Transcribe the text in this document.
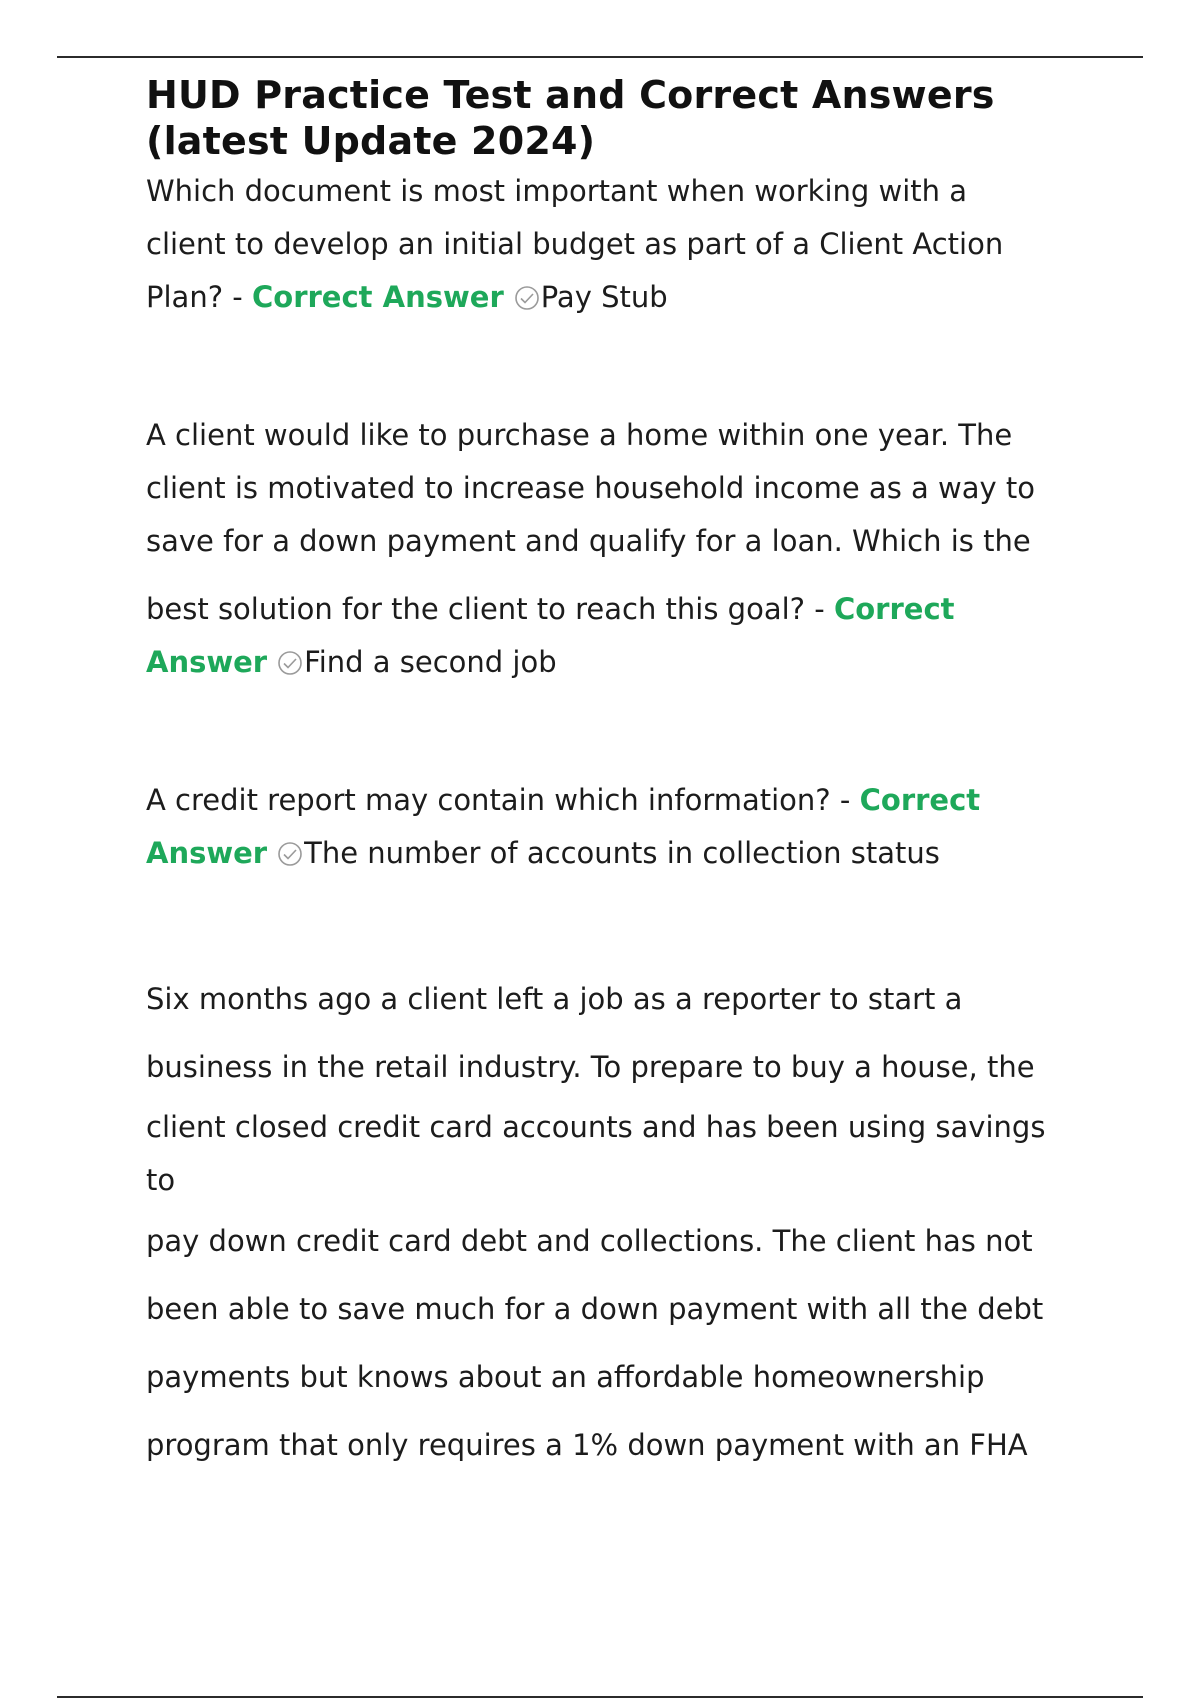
HUD Practice Test and Correct Answers
(latest Update 2024)
Which document is most important when working with a
client to develop an initial budget as part of a Client Action
Plan? - Correct Answer Pay Stub
A client would like to purchase a home within one year. The
client is motivated to increase household income as a way to
save for a down payment and qualify for a loan. Which is the
best solution for the client to reach this goal? - Correct
Answer Find a second job
A credit report may contain which information? - Correct
Answer The number of accounts in collection status
Six months ago a client left a job as a reporter to start a
business in the retail industry. To prepare to buy a house, the
client closed credit card accounts and has been using savings
to
pay down credit card debt and collections. The client has not
been able to save much for a down payment with all the debt
payments but knows about an affordable homeownership
program that only requires a 1% down payment with an FHA
